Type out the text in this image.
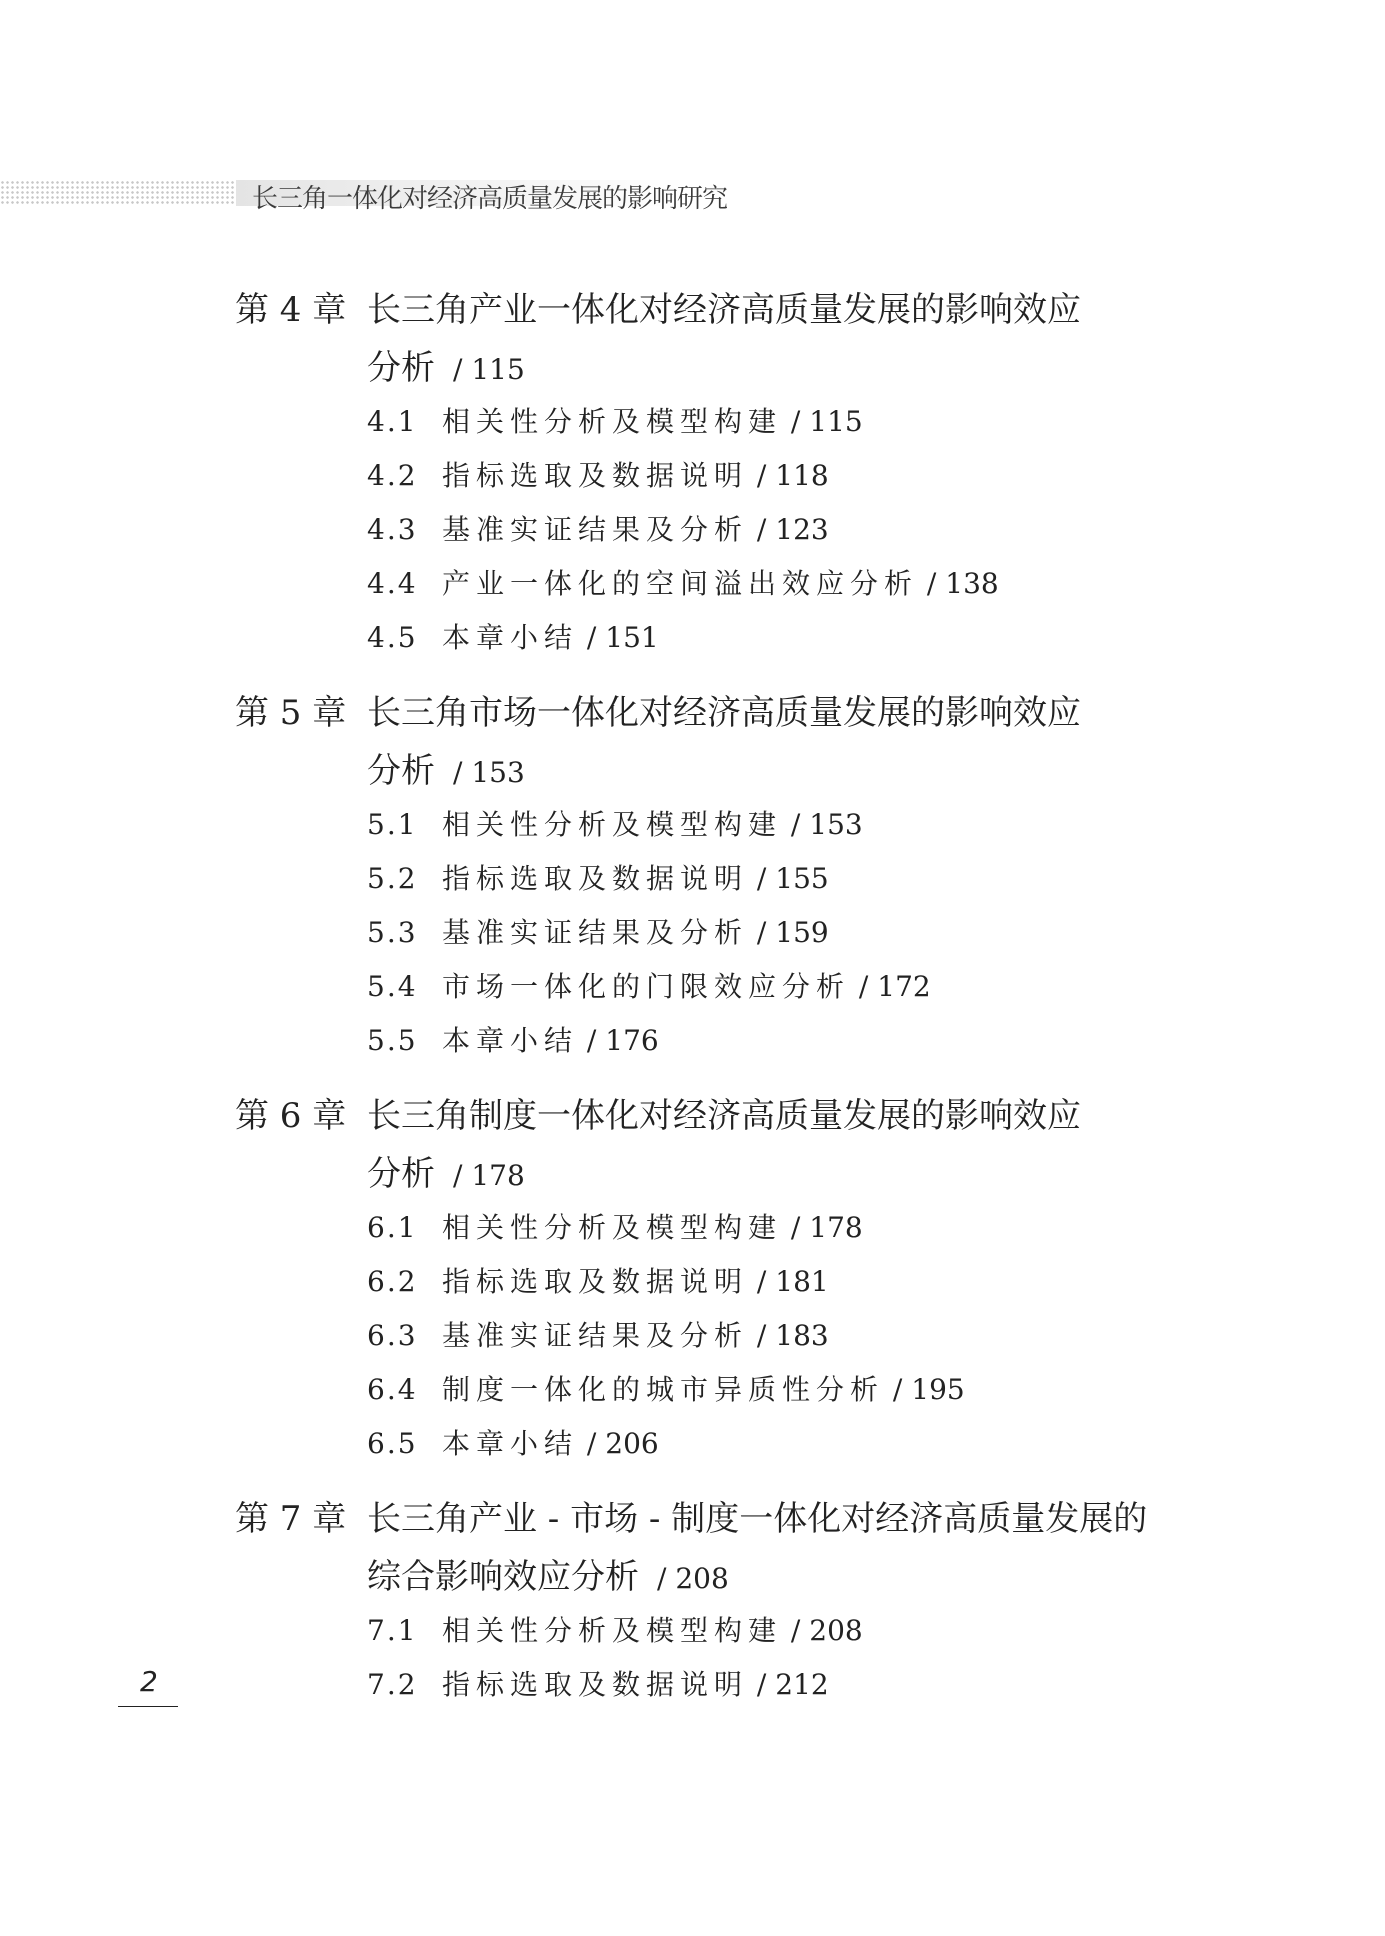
长三角一体化对经济高质量发展的影响研究
第 4 章 长三角产业一体化对经济高质量发展的影响效应
分析 / 115
4.1 相关性分析及模型构建 / 115
4.2 指标选取及数据说明 / 118
4.3 基准实证结果及分析 / 123
4.4 产业一体化的空间溢出效应分析 / 138
4.5 本章小结 / 151
第 5 章 长三角市场一体化对经济高质量发展的影响效应
分析 / 153
5.1 相关性分析及模型构建 / 153
5.2 指标选取及数据说明 / 155
5.3 基准实证结果及分析 / 159
5.4 市场一体化的门限效应分析 / 172
5.5 本章小结 / 176
第 6 章 长三角制度一体化对经济高质量发展的影响效应
分析 / 178
6.1 相关性分析及模型构建 / 178
6.2 指标选取及数据说明 / 181
6.3 基准实证结果及分析 / 183
6.4 制度一体化的城市异质性分析 / 195
6.5 本章小结 / 206
第 7 章 长三角产业 - 市场 - 制度一体化对经济高质量发展的
综合影响效应分析 / 208
7.1 相关性分析及模型构建 / 208
7.2 指标选取及数据说明 / 212
2
